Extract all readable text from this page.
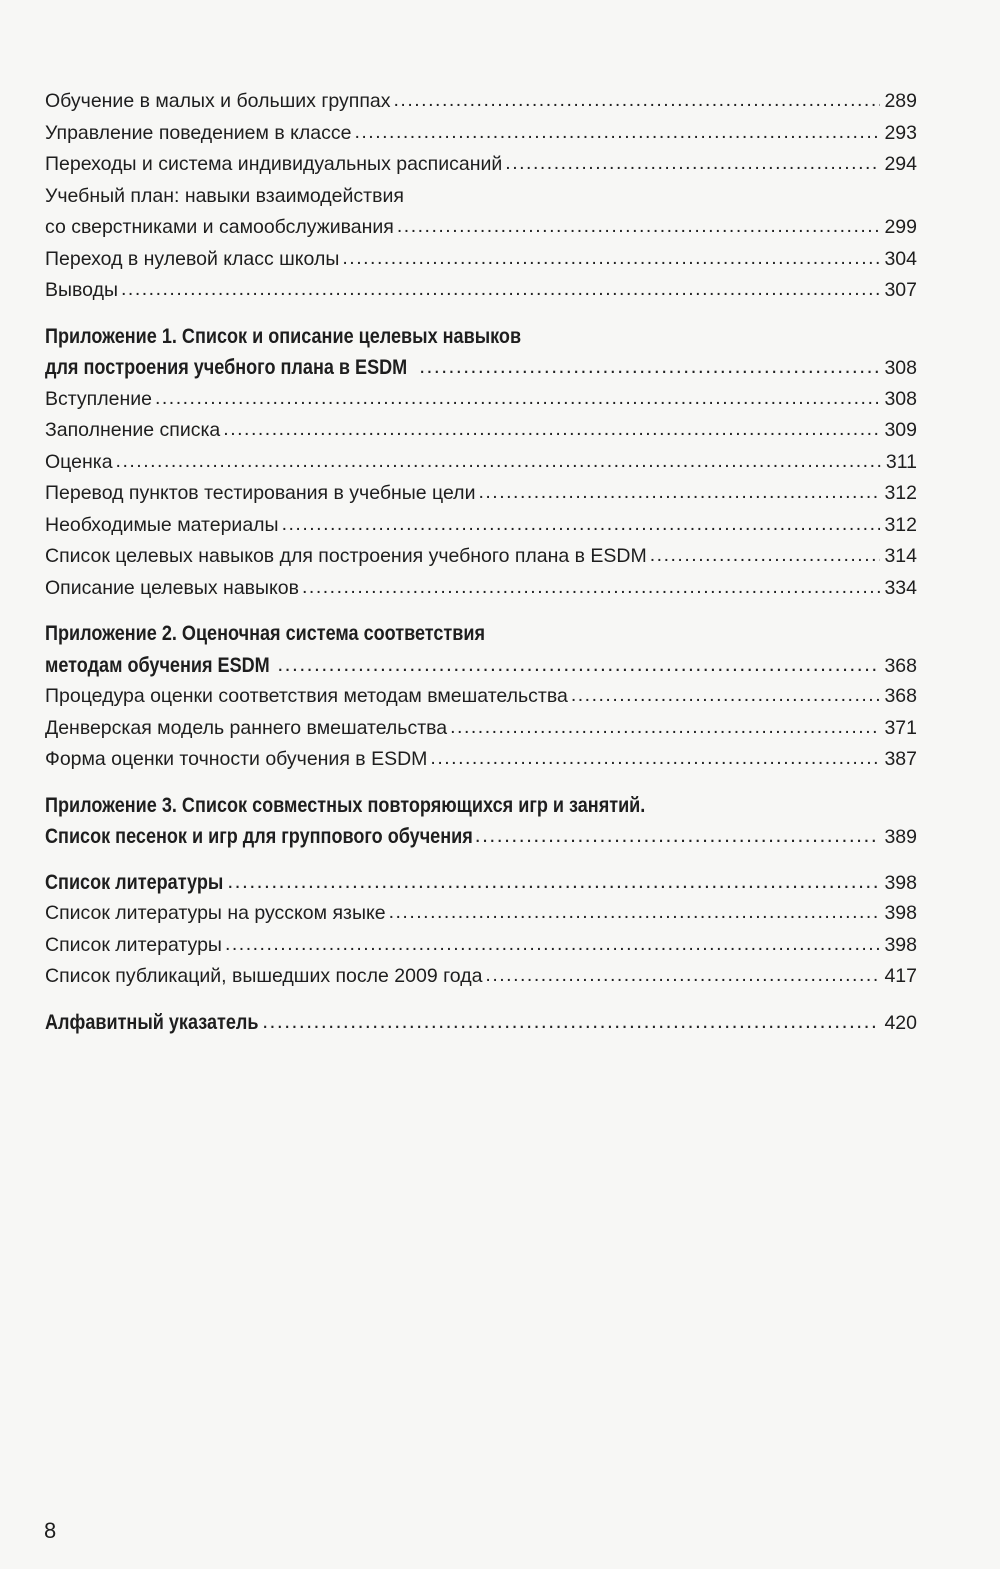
Обучение в малых и больших группах .....	289
Управление поведением в классе .....	293
Переходы и система индивидуальных расписаний .....	294
Учебный план: навыки взаимодействия
со сверстниками и самообслуживания .....	299
Переход в нулевой класс школы .....	304
Выводы .....	307
Приложение 1. Список и описание целевых навыков
для построения учебного плана в ESDM .....	308
Вступление .....	308
Заполнение списка .....	309
Оценка .....	311
Перевод пунктов тестирования в учебные цели .....	312
Необходимые материалы .....	312
Список целевых навыков для построения учебного плана в ESDM .....	314
Описание целевых навыков .....	334
Приложение 2. Оценочная система соответствия
методам обучения ESDM .....	368
Процедура оценки соответствия методам вмешательства .....	368
Денверская модель раннего вмешательства .....	371
Форма оценки точности обучения в ESDM .....	387
Приложение 3. Список совместных повторяющихся игр и занятий.
Список песенок и игр для группового обучения .....	389
Список литературы .....	398
Список литературы на русском языке .....	398
Список литературы .....	398
Список публикаций, вышедших после 2009 года .....	417
Алфавитный указатель .....	420
8
